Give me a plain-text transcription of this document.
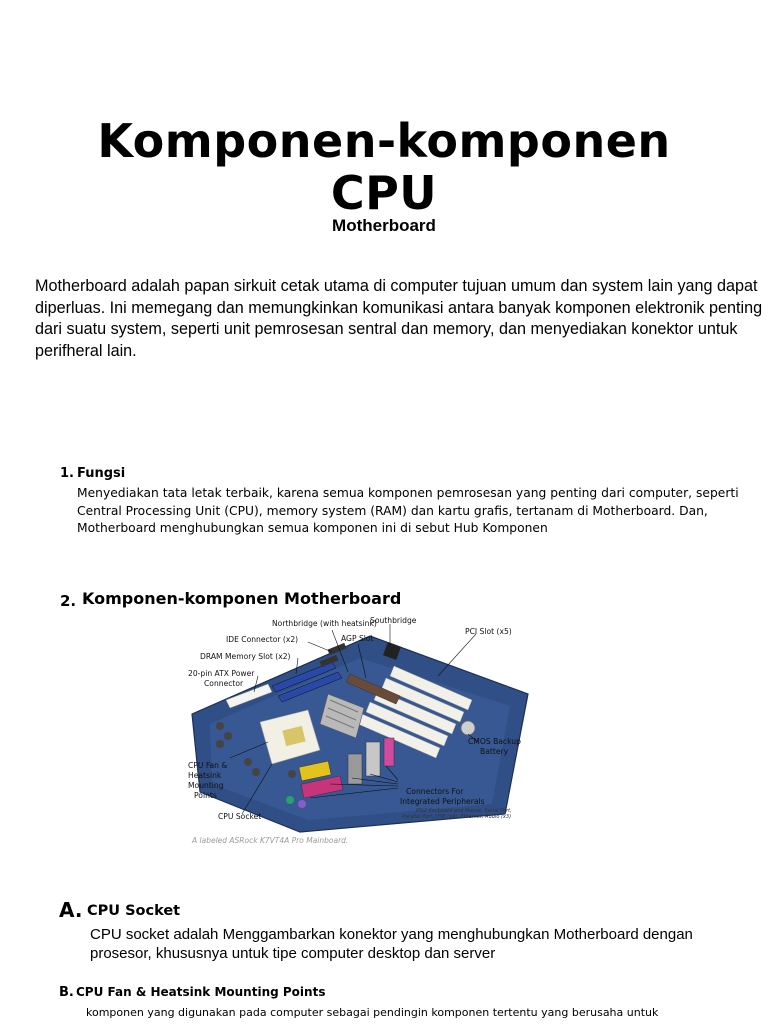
Komponen-komponen
CPU
Motherboard
Motherboard adalah papan sirkuit cetak utama di computer tujuan umum dan system lain yang dapat diperluas. Ini memegang dan memungkinkan komunikasi antara banyak komponen elektronik penting dari suatu system, seperti unit pemrosesan sentral dan memory, dan menyediakan konektor untuk perifheral lain.
1. Fungsi
Menyediakan tata letak terbaik, karena semua komponen pemrosesan yang penting dari computer, seperti Central Processing Unit (CPU), memory system (RAM) dan kartu grafis, tertanam di Motherboard. Dan, Motherboard menghubungkan semua komponen ini di sebut Hub Komponen
2. Komponen-komponen Motherboard
Northbridge (with heatsink)
Southbridge
PCI Slot (x5)
IDE Connector (x2)	AGP Slot
DRAM Memory Slot (x2)
20-pin ATX Power
Connector
CMOS Backup
Battery
CPU Fan &
Heatsink
Mounting
Points
CPU Socket
Connectors For
Integrated Peripherals
PS/2 Keyboard and Mouse, Serial Port,
Parallel Port, USB (x4), Ethernet, Audio (x3)
A labeled ASRock K7VT4A Pro Mainboard.
A. CPU Socket
CPU socket adalah Menggambarkan konektor yang menghubungkan Motherboard dengan prosesor, khususnya untuk tipe computer desktop dan server
B. CPU Fan & Heatsink Mounting Points
komponen yang digunakan pada computer sebagai pendingin komponen tertentu yang berusaha untuk
